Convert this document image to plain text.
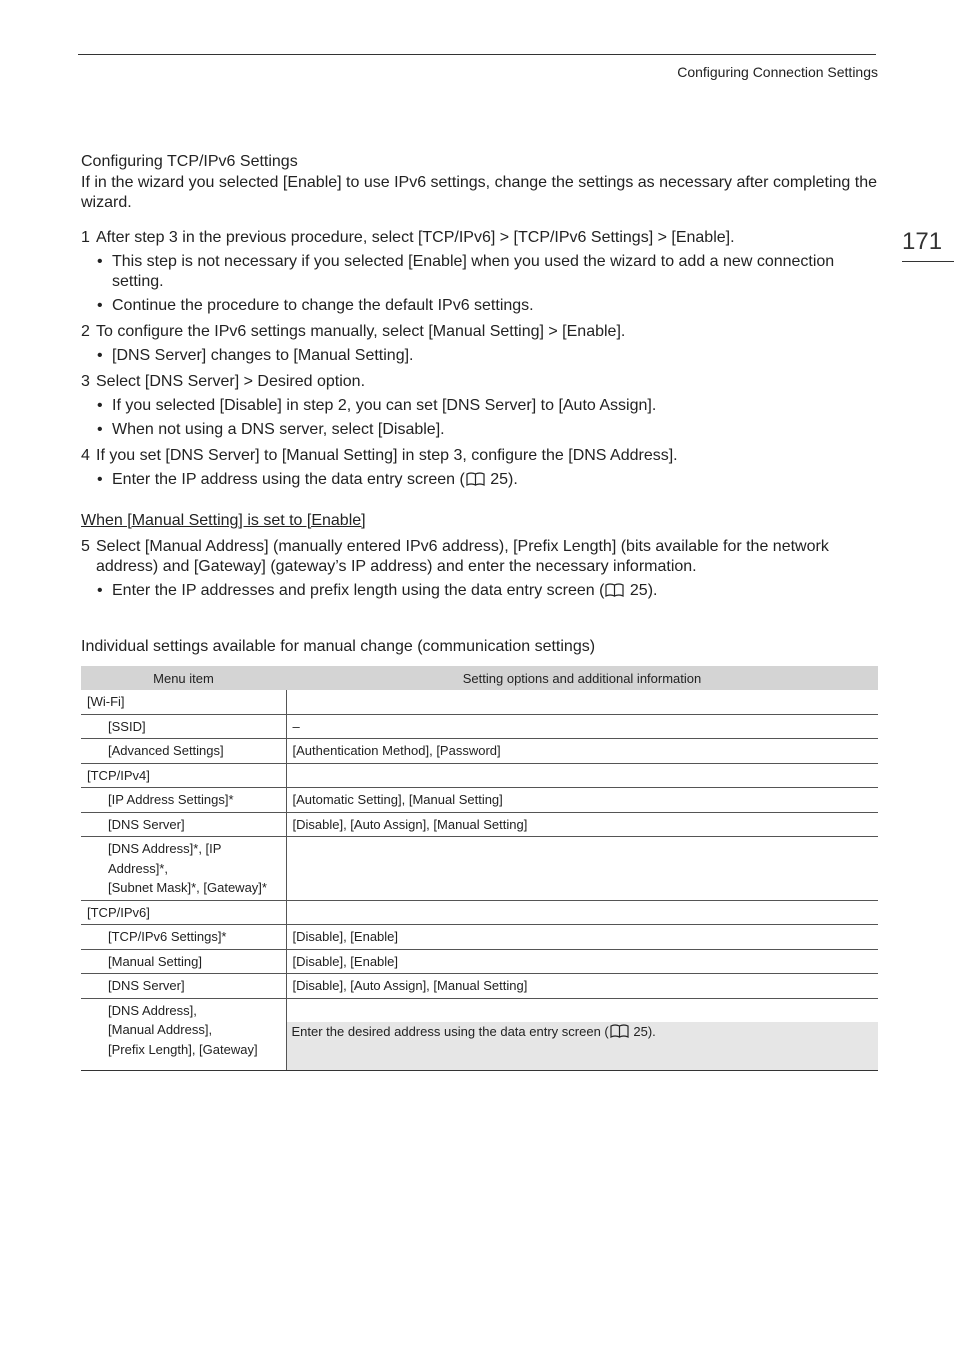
Configuring Connection Settings
171
Configuring TCP/IPv6 Settings
If in the wizard you selected [Enable] to use IPv6 settings, change the settings as necessary after completing the wizard.
1 After step 3 in the previous procedure, select [TCP/IPv6] > [TCP/IPv6 Settings] > [Enable].
• This step is not necessary if you selected [Enable] when you used the wizard to add a new connection setting.
• Continue the procedure to change the default IPv6 settings.
2 To configure the IPv6 settings manually, select [Manual Setting] > [Enable].
• [DNS Server] changes to [Manual Setting].
3 Select [DNS Server] > Desired option.
• If you selected [Disable] in step 2, you can set [DNS Server] to [Auto Assign].
• When not using a DNS server, select [Disable].
4 If you set [DNS Server] to [Manual Setting] in step 3, configure the [DNS Address].
• Enter the IP address using the data entry screen ( 25).
When [Manual Setting] is set to [Enable]
5 Select [Manual Address] (manually entered IPv6 address), [Prefix Length] (bits available for the network address) and [Gateway] (gateway’s IP address) and enter the necessary information.
• Enter the IP addresses and prefix length using the data entry screen ( 25).
Individual settings available for manual change (communication settings)
Menu item	Setting options and additional information

[Wi-Fi]	

[SSID]	–

[Advanced Settings]	[Authentication Method], [Password]

[TCP/IPv4]	

[IP Address Settings]*	[Automatic Setting], [Manual Setting]

[DNS Server]	[Disable], [Auto Assign], [Manual Setting]

[DNS Address]*, [IP Address]*,
[Subnet Mask]*, [Gateway]*	

[TCP/IPv6]	

[TCP/IPv6 Settings]*	[Disable], [Enable]

[Manual Setting]	[Disable], [Enable]

[DNS Server]	[Disable], [Auto Assign], [Manual Setting]

[DNS Address],
[Manual Address],
[Prefix Length], [Gateway]	Enter the desired address using the data entry screen ( 25).
